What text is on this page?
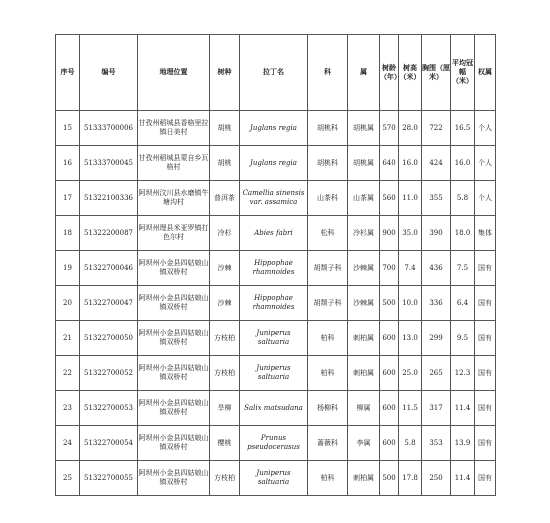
序号	编号	地理位置	树种	拉丁名	科	属	树龄（年）	树高（米）	胸围（厘米）	平均冠幅（米）	权属
15	51333700006	甘孜州稻城县香格里拉镇日美村	胡桃	Juglans regia	胡桃科	胡桃属	570	28.0	722	16.5	个人
16	51333700045	甘孜州稻城县蒙自乡瓦格村	胡桃	Juglans regia	胡桃科	胡桃属	640	16.0	424	16.0	个人
17	51322100336	阿坝州汶川县水磨镇牛塘沟村	普洱茶	Camellia sinensis var. assamica	山茶科	山茶属	560	11.0	355	5.8	个人
18	51322200087	阿坝州理县米亚罗镇打色尔村	冷杉	Abies fabri	松科	冷杉属	900	35.0	390	18.0	集体
19	51322700046	阿坝州小金县四姑娘山镇双桥村	沙棘	Hippophae rhamnoides	胡颓子科	沙棘属	700	7.4	436	7.5	国有
20	51322700047	阿坝州小金县四姑娘山镇双桥村	沙棘	Hippophae rhamnoides	胡颓子科	沙棘属	500	10.0	336	6.4	国有
21	51322700050	阿坝州小金县四姑娘山镇双桥村	方枝柏	Juniperus saltuaria	柏科	刺柏属	600	13.0	299	9.5	国有
22	51322700052	阿坝州小金县四姑娘山镇双桥村	方枝柏	Juniperus saltuaria	柏科	刺柏属	600	25.0	265	12.3	国有
23	51322700053	阿坝州小金县四姑娘山镇双桥村	旱柳	Salix matsudana	杨柳科	柳属	600	11.5	317	11.4	国有
24	51322700054	阿坝州小金县四姑娘山镇双桥村	樱桃	Prunus pseudocerasus	蔷薇科	李属	600	5.8	353	13.9	国有
25	51322700055	阿坝州小金县四姑娘山镇双桥村	方枝柏	Juniperus saltuaria	柏科	刺柏属	500	17.8	250	11.4	国有
